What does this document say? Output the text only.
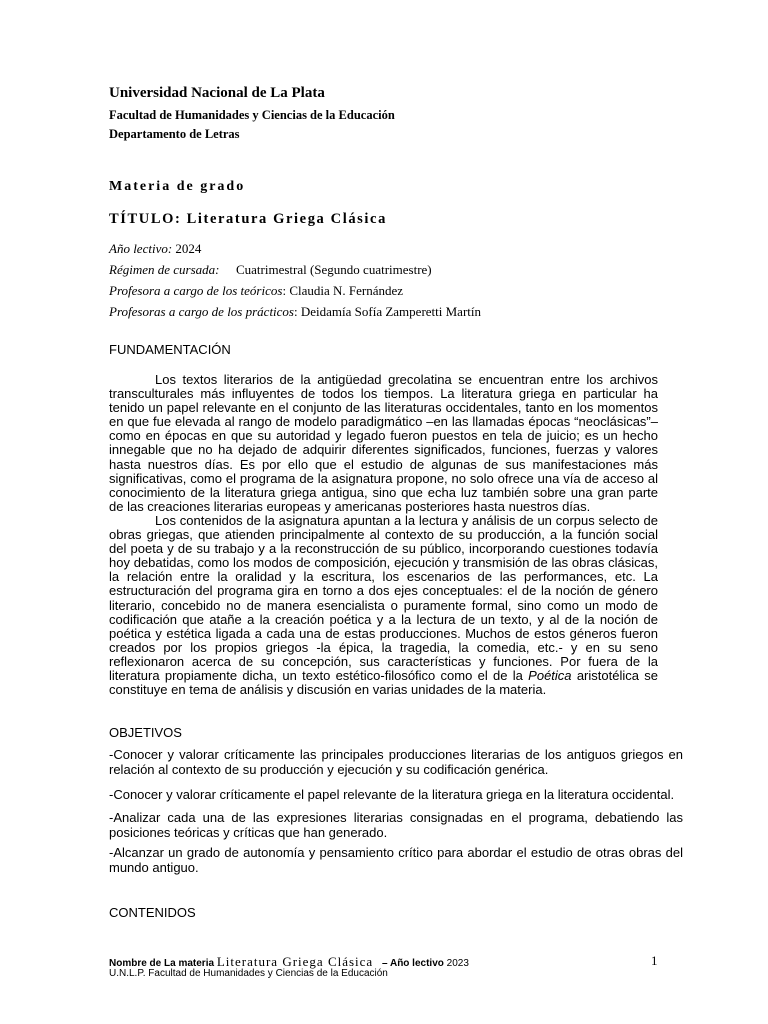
Universidad Nacional de La Plata
Facultad de Humanidades y Ciencias de la Educación
Departamento de Letras
Materia de grado
TÍTULO: Literatura Griega Clásica
Año lectivo: 2024
Régimen de cursada: Cuatrimestral (Segundo cuatrimestre)
Profesora a cargo de los teóricos: Claudia N. Fernández
Profesoras a cargo de los prácticos: Deidamía Sofía Zamperetti Martín
FUNDAMENTACIÓN

Los textos literarios de la antigüedad grecolatina se encuentran entre los archivos transculturales más influyentes de todos los tiempos. La literatura griega en particular ha tenido un papel relevante en el conjunto de las literaturas occidentales, tanto en los momentos en que fue elevada al rango de modelo paradigmático –en las llamadas épocas “neoclásicas”– como en épocas en que su autoridad y legado fueron puestos en tela de juicio; es un hecho innegable que no ha dejado de adquirir diferentes significados, funciones, fuerzas y valores hasta nuestros días. Es por ello que el estudio de algunas de sus manifestaciones más significativas, como el programa de la asignatura propone, no solo ofrece una vía de acceso al conocimiento de la literatura griega antigua, sino que echa luz también sobre una gran parte de las creaciones literarias europeas y americanas posteriores hasta nuestros días.

Los contenidos de la asignatura apuntan a la lectura y análisis de un corpus selecto de obras griegas, que atienden principalmente al contexto de su producción, a la función social del poeta y de su trabajo y a la reconstrucción de su público, incorporando cuestiones todavía hoy debatidas, como los modos de composición, ejecución y transmisión de las obras clásicas, la relación entre la oralidad y la escritura, los escenarios de las performances, etc. La estructuración del programa gira en torno a dos ejes conceptuales: el de la noción de género literario, concebido no de manera esencialista o puramente formal, sino como un modo de codificación que atañe a la creación poética y a la lectura de un texto, y al de la noción de poética y estética ligada a cada una de estas producciones. Muchos de estos géneros fueron creados por los propios griegos -la épica, la tragedia, la comedia, etc.- y en su seno reflexionaron acerca de su concepción, sus características y funciones. Por fuera de la literatura propiamente dicha, un texto estético-filosófico como el de la Poética aristotélica se constituye en tema de análisis y discusión en varias unidades de la materia.

OBJETIVOS
-Conocer y valorar críticamente las principales producciones literarias de los antiguos griegos en relación al contexto de su producción y ejecución y su codificación genérica.
-Conocer y valorar críticamente el papel relevante de la literatura griega en la literatura occidental.
-Analizar cada una de las expresiones literarias consignadas en el programa, debatiendo las posiciones teóricas y críticas que han generado.
-Alcanzar un grado de autonomía y pensamiento crítico para abordar el estudio de otras obras del mundo antiguo.
CONTENIDOS
Nombre de La materia Literatura Griega Clásica – Año lectivo 2023
U.N.L.P. Facultad de Humanidades y Ciencias de la Educación
1
